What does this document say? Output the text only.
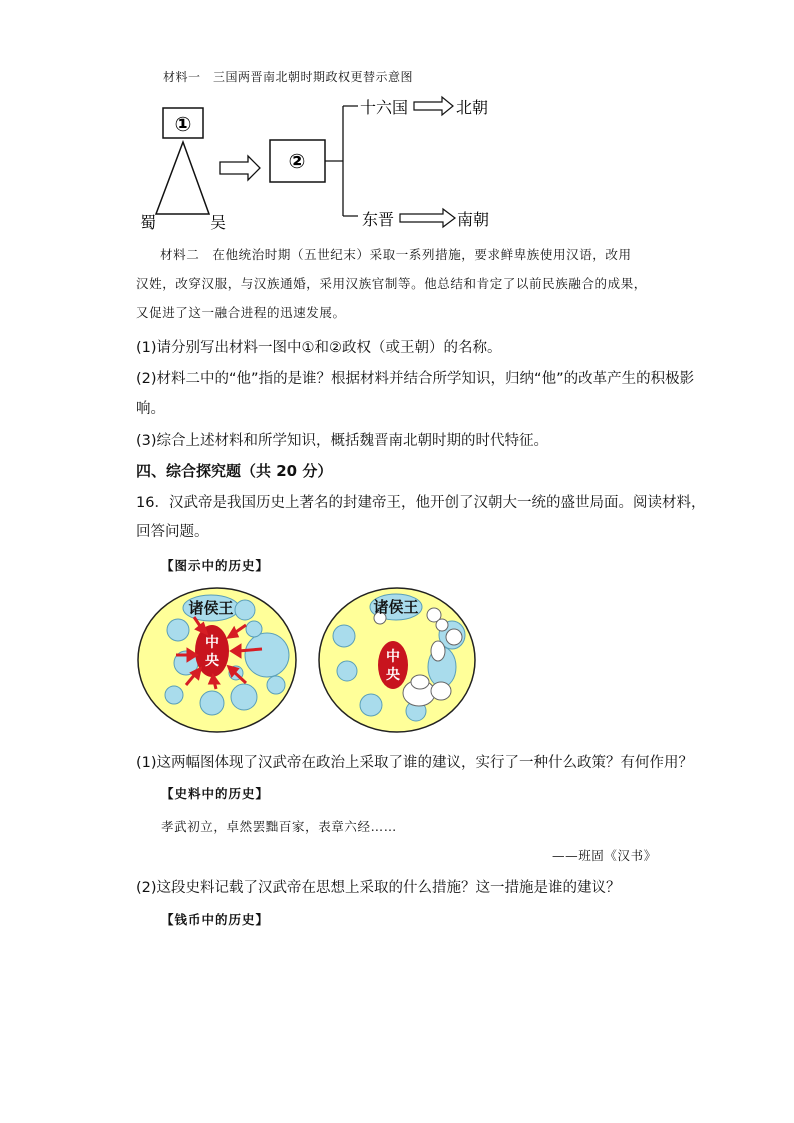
材料一　三国两晋南北朝时期政权更替示意图
①
蜀	吴
②
十六国	北朝
东晋	南朝
材料二　在他统治时期（五世纪末）采取一系列措施，要求鲜卑族使用汉语，改用
汉姓，改穿汉服，与汉族通婚，采用汉族官制等。他总结和肯定了以前民族融合的成果，
又促进了这一融合进程的迅速发展。
(1)请分别写出材料一图中①和②政权（或王朝）的名称。
(2)材料二中的“他”指的是谁？根据材料并结合所学知识，归纳“他”的改革产生的积极影
响。
(3)综合上述材料和所学知识，概括魏晋南北朝时期的时代特征。
四、综合探究题（共 20 分）
16．汉武帝是我国历史上著名的封建帝王，他开创了汉朝大一统的盛世局面。阅读材料，
回答问题。
【图示中的历史】
诸侯王
中
央
诸侯王
中
央
(1)这两幅图体现了汉武帝在政治上采取了谁的建议，实行了一种什么政策？有何作用？
【史料中的历史】
孝武初立，卓然罢黜百家，表章六经……
——班固《汉书》
(2)这段史料记载了汉武帝在思想上采取的什么措施？这一措施是谁的建议？
【钱币中的历史】
